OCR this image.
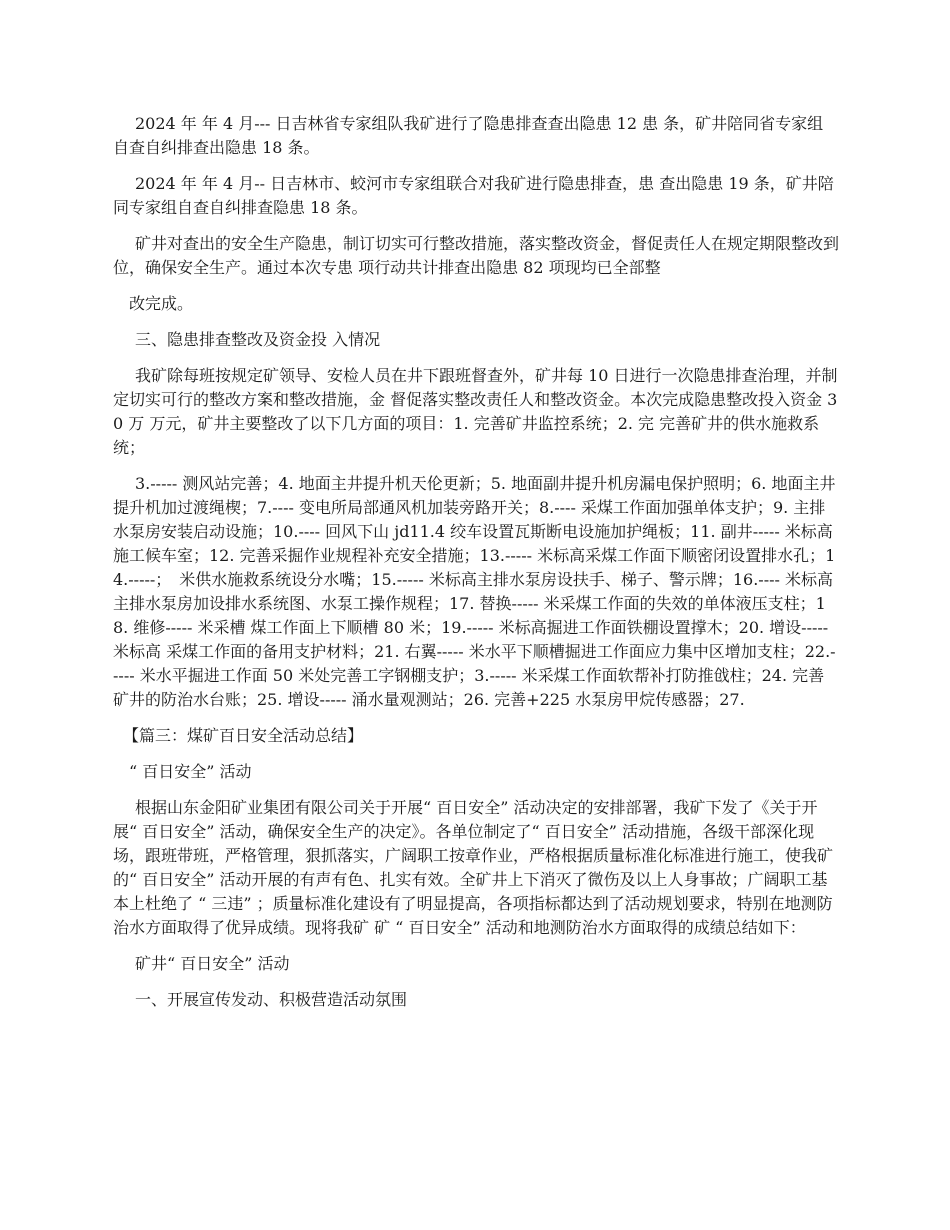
2024 年 年 4 月--- 日吉林省专家组队我矿进行了隐患排查查出隐患 12 患 条，矿井陪同省专家组自查自纠排查出隐患 18 条。

2024 年 年 4 月-- 日吉林市、蛟河市专家组联合对我矿进行隐患排查，患 查出隐患 19 条，矿井陪同专家组自查自纠排查隐患 18 条。

矿井对查出的安全生产隐患，制订切实可行整改措施，落实整改资金，督促责任人在规定期限整改到位，确保安全生产。通过本次专患 项行动共计排查出隐患 82 项现均已全部整

改完成。

三、隐患排查整改及资金投 入情况

我矿除每班按规定矿领导、安检人员在井下跟班督查外，矿井每 10 日进行一次隐患排查治理，并制定切实可行的整改方案和整改措施，金 督促落实整改责任人和整改资金。本次完成隐患整改投入资金 30 万 万元，矿井主要整改了以下几方面的项目：1. 完善矿井监控系统；2. 完 完善矿井的供水施救系统；

3.----- 测风站完善；4. 地面主井提升机天伦更新；5. 地面副井提升机房漏电保护照明；6. 地面主井提升机加过渡绳楔；7.---- 变电所局部通风机加装旁路开关；8.---- 采煤工作面加强单体支护；9. 主排水泵房安装启动设施；10.---- 回风下山 jd11.4 绞车设置瓦斯断电设施加护绳板；11. 副井----- 米标高施工候车室；12. 完善采掘作业规程补充安全措施；13.----- 米标高采煤工作面下顺密闭设置排水孔；14.-----；　米供水施救系统设分水嘴；15.----- 米标高主排水泵房设扶手、梯子、警示牌；16.---- 米标高主排水泵房加设排水系统图、水泵工操作规程；17. 替换----- 米采煤工作面的失效的单体液压支柱；18. 维修----- 米采槽 煤工作面上下顺槽 80 米；19.----- 米标高掘进工作面铁棚设置撑木；20. 增设----- 米标高 采煤工作面的备用支护材料；21. 右翼----- 米水平下顺槽掘进工作面应力集中区增加支柱；22.----- 米水平掘进工作面 50 米处完善工字钢棚支护；3.----- 米采煤工作面软帮补打防推戗柱；24. 完善矿井的防治水台账；25. 增设----- 涌水量观测站；26. 完善+225 水泵房甲烷传感器；27.

【篇三：煤矿百日安全活动总结】

“ 百日安全” 活动

根据山东金阳矿业集团有限公司关于开展“ 百日安全” 活动决定的安排部署，我矿下发了《关于开展“ 百日安全” 活动，确保安全生产的决定》。各单位制定了“ 百日安全” 活动措施，各级干部深化现场，跟班带班，严格管理，狠抓落实，广阔职工按章作业，严格根据质量标准化标准进行施工，使我矿的“ 百日安全” 活动开展的有声有色、扎实有效。全矿井上下消灭了微伤及以上人身事故；广阔职工基本上杜绝了 “ 三违” ；质量标准化建设有了明显提高，各项指标都达到了活动规划要求，特别在地测防治水方面取得了优异成绩。现将我矿 矿 “ 百日安全” 活动和地测防治水方面取得的成绩总结如下：

矿井“ 百日安全” 活动

一、开展宣传发动、积极营造活动氛围
